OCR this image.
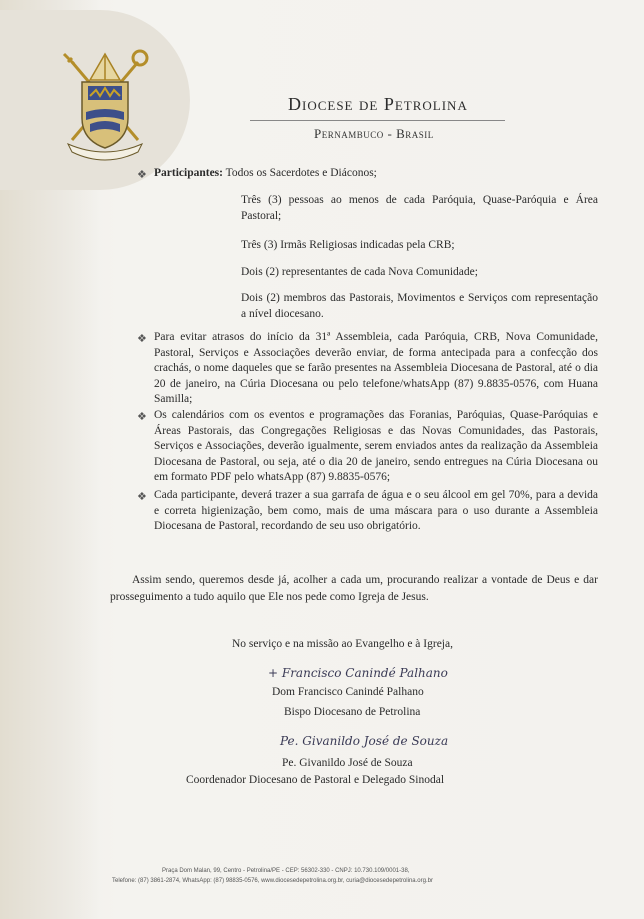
Diocese de Petrolina
Pernambuco - Brasil
❖ Participantes: Todos os Sacerdotes e Diáconos;
Três (3) pessoas ao menos de cada Paróquia, Quase-Paróquia e Área Pastoral;
Três (3) Irmãs Religiosas indicadas pela CRB;
Dois (2) representantes de cada Nova Comunidade;
Dois (2) membros das Pastorais, Movimentos e Serviços com representação a nível diocesano.
❖ Para evitar atrasos do início da 31ª Assembleia, cada Paróquia, CRB, Nova Comunidade, Pastoral, Serviços e Associações deverão enviar, de forma antecipada para a confecção dos crachás, o nome daqueles que se farão presentes na Assembleia Diocesana de Pastoral, até o dia 20 de janeiro, na Cúria Diocesana ou pelo telefone/whatsApp (87) 9.8835-0576, com Huana Samilla;
❖ Os calendários com os eventos e programações das Foranias, Paróquias, Quase-Paróquias e Áreas Pastorais, das Congregações Religiosas e das Novas Comunidades, das Pastorais, Serviços e Associações, deverão igualmente, serem enviados antes da realização da Assembleia Diocesana de Pastoral, ou seja, até o dia 20 de janeiro, sendo entregues na Cúria Diocesana ou em formato PDF pelo whatsApp (87) 9.8835-0576;
❖ Cada participante, deverá trazer a sua garrafa de água e o seu álcool em gel 70%, para a devida e correta higienização, bem como, mais de uma máscara para o uso durante a Assembleia Diocesana de Pastoral, recordando de seu uso obrigatório.
Assim sendo, queremos desde já, acolher a cada um, procurando realizar a vontade de Deus e dar prosseguimento a tudo aquilo que Ele nos pede como Igreja de Jesus.
No serviço e na missão ao Evangelho e à Igreja,
+ Francisco Canindé Palhano
Dom Francisco Canindé Palhano
Bispo Diocesano de Petrolina
Pe. Givanildo José de Souza
Pe. Givanildo José de Souza
Coordenador Diocesano de Pastoral e Delegado Sinodal
Praça Dom Malan, 99, Centro - Petrolina/PE - CEP: 56302-330 - CNPJ: 10.730.109/0001-38,
Telefone: (87) 3861-2874, WhatsApp: (87) 98835-0576, www.diocesedepetrolina.org.br, curia@diocesedepetrolina.org.br
